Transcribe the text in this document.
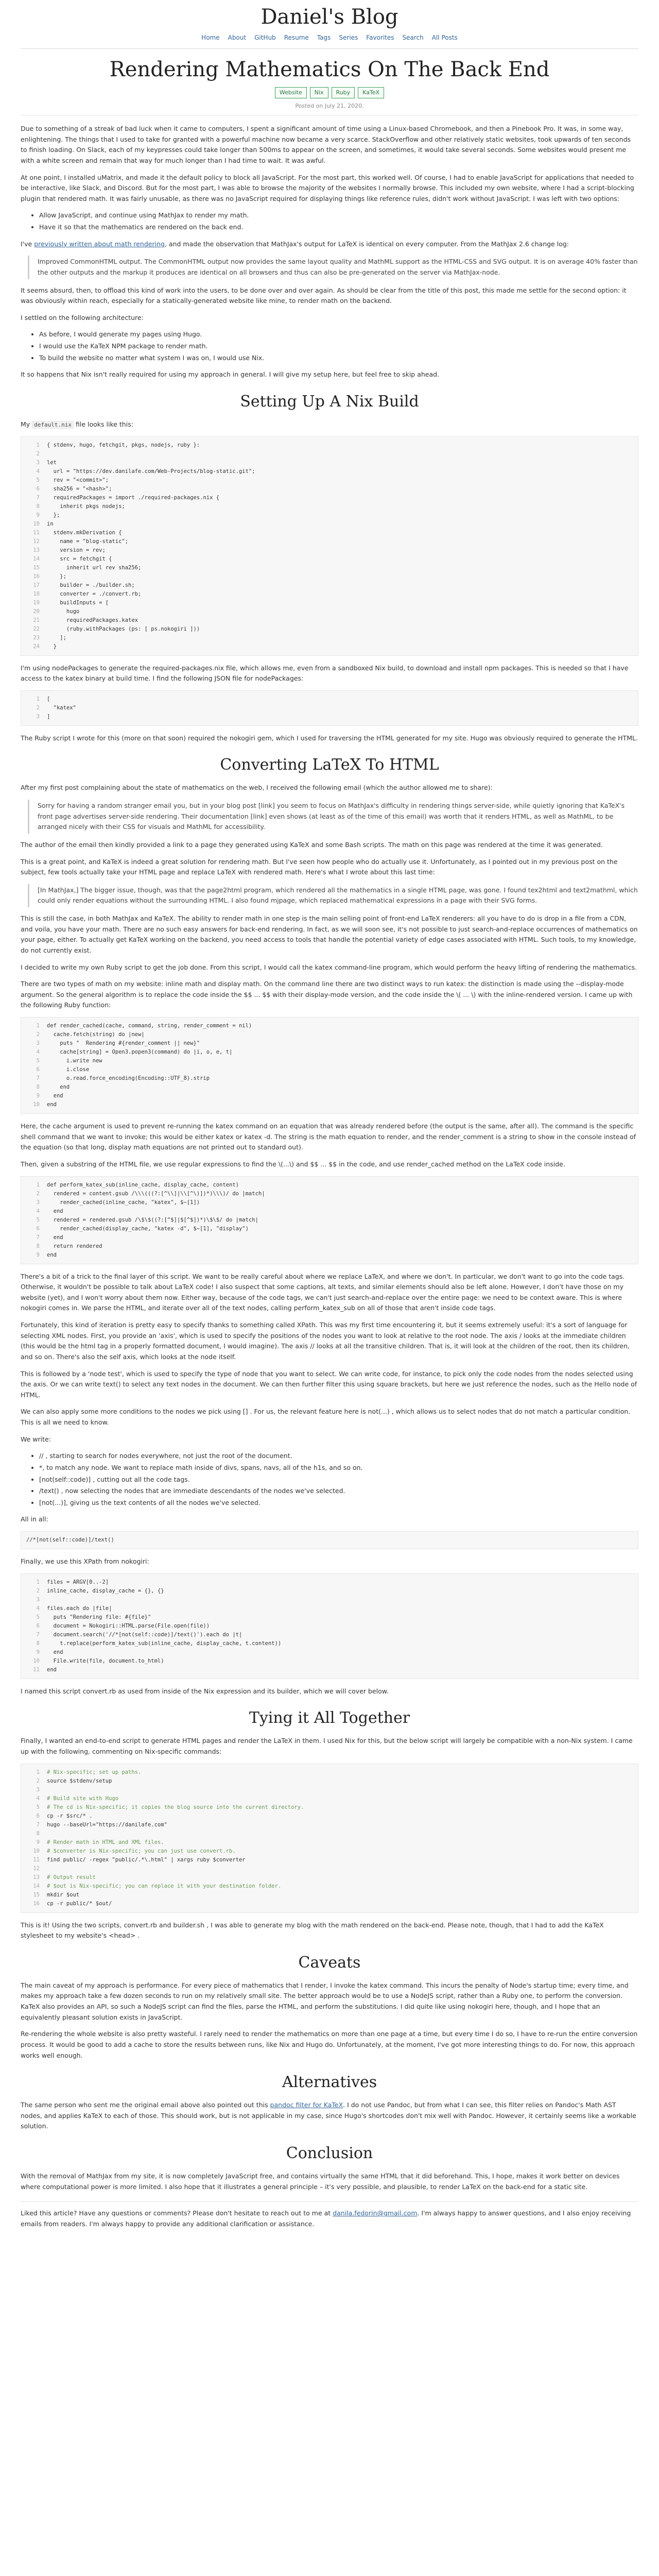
Daniel's Blog
Home About GitHub Resume Tags Series Favorites Search All Posts
Rendering Mathematics On The Back End
Website	Nix	Ruby	KaTeX
Posted on July 21, 2020.

Due to something of a streak of bad luck when it came to computers, I spent a significant amount of time using a Linux-based Chromebook, and then a Pinebook Pro. It was, in some way, enlightening. The things that I used to take for granted with a powerful machine now became a very scarce. StackOverflow and other relatively static websites, took upwards of ten seconds to finish loading. On Slack, each of my keypresses could take longer than 500ms to appear on the screen, and sometimes, it would take several seconds. Some websites would present me with a white screen and remain that way for much longer than I had time to wait. It was awful.

At one point, I installed uMatrix, and made it the default policy to block all JavaScript. For the most part, this worked well. Of course, I had to enable JavaScript for applications that needed to be interactive, like Slack, and Discord. But for the most part, I was able to browse the majority of the websites I normally browse. This included my own website, where I had a script-blocking plugin that rendered math. It was fairly unusable, as there was no JavaScript required for displaying things like reference rules, didn't work without JavaScript. I was left with two options:

• Allow JavaScript, and continue using MathJax to render my math.
• Have it so that the mathematics are rendered on the back end.

I've previously written about math rendering, and made the observation that MathJax's output for LaTeX is identical on every computer. From the MathJax 2.6 change log:

Improved CommonHTML output. The CommonHTML output now provides the same layout quality and MathML support as the HTML-CSS and SVG output. It is on average 40% faster than the other outputs and the markup it produces are identical on all browsers and thus can also be pre-generated on the server via MathJax-node.

It seems absurd, then, to offload this kind of work into the users, to be done over and over again. As should be clear from the title of this post, this made me settle for the second option: it was obviously within reach, especially for a statically-generated website like mine, to render math on the backend.

I settled on the following architecture:

• As before, I would generate my pages using Hugo.
• I would use the KaTeX NPM package to render math.
• To build the website no matter what system I was on, I would use Nix.

It so happens that Nix isn't really required for using my approach in general. I will give my setup here, but feel free to skip ahead.

Setting Up A Nix Build

My default.nix file looks like this:

1 { stdenv, hugo, fetchgit, pkgs, nodejs, ruby }:
2
3 let
4  url = "https://dev.danilafe.com/Web-Projects/blog-static.git";
5  rev = "<commit>";
6  sha256 = "<hash>";
7  requiredPackages = import ./required-packages.nix {
8    inherit pkgs nodejs;
9  };
10 in
11  stdenv.mkDerivation {
12    name = "blog-static";
13    version = rev;
14    src = fetchgit {
15      inherit url rev sha256;
16    };
17    builder = ./builder.sh;
18    converter = ./convert.rb;
19    buildInputs = [
20      hugo
21      requiredPackages.katex
22      (ruby.withPackages (ps: [ ps.nokogiri ]))
23    ];
24  }

I'm using nodePackages to generate the required-packages.nix file, which allows me, even from a sandboxed Nix build, to download and install npm packages. This is needed so that I have access to the katex binary at build time. I find the following JSON file for nodePackages:

1 [
2  "katex"
3 ]

The Ruby script I wrote for this (more on that soon) required the nokogiri gem, which I used for traversing the HTML generated for my site. Hugo was obviously required to generate the HTML.

Converting LaTeX To HTML

After my first post complaining about the state of mathematics on the web, I received the following email (which the author allowed me to share):

Sorry for having a random stranger email you, but in your blog post [link] you seem to focus on MathJax's difficulty in rendering things server-side, while quietly ignoring that KaTeX's front page advertises server-side rendering. Their documentation [link] even shows (at least as of the time of this email) was worth that it renders HTML, as well as MathML, to be arranged nicely with their CSS for visuals and MathML for accessibility.

The author of the email then kindly provided a link to a page they generated using KaTeX and some Bash scripts. The math on this page was rendered at the time it was generated.

This is a great point, and KaTeX is indeed a great solution for rendering math. But I've seen how people who do actually use it. Unfortunately, as I pointed out in my previous post on the subject, few tools actually take your HTML page and replace LaTeX with rendered math. Here's what I wrote about this last time:

[In MathJax,] The bigger issue, though, was that the page2html program, which rendered all the mathematics in a single HTML page, was gone. I found tex2html and text2mathml, which could only render equations without the surrounding HTML. I also found mjpage, which replaced mathematical expressions in a page with their SVG forms.

This is still the case, in both MathJax and KaTeX. The ability to render math in one step is the main selling point of front-end LaTeX renderers: all you have to do is drop in a file from a CDN, and voila, you have your math. There are no such easy answers for back-end rendering. In fact, as we will soon see, it's not possible to just search-and-replace occurrences of mathematics on your page, either. To actually get KaTeX working on the backend, you need access to tools that handle the potential variety of edge cases associated with HTML. Such tools, to my knowledge, do not currently exist.

I decided to write my own Ruby script to get the job done. From this script, I would call the katex command-line program, which would perform the heavy lifting of rendering the mathematics.

There are two types of math on my website: inline math and display math. On the command line there are two distinct ways to run katex: the distinction is made using the --display-mode argument. So the general algorithm is to replace the code inside the $$ ... $$ with their display-mode version, and the code inside the \( ... \) with the inline-rendered version. I came up with the following Ruby function:

1 def render_cached(cache, command, string, render_comment = nil)
2  cache.fetch(string) do |new|
3    puts "  Rendering #{render_comment || new}"
4    cache[string] = Open3.popen3(command) do |i, o, e, t|
5      i.write new
6      i.close
7      o.read.force_encoding(Encoding::UTF_8).strip
8    end
9  end
10 end

Here, the cache argument is used to prevent re-running the katex command on an equation that was already rendered before (the output is the same, after all). The command is the specific shell command that we want to invoke; this would be either katex or katex -d. The string is the math equation to render, and the render_comment is a string to show in the console instead of the equation (so that long, display math equations are not printed out to standard out).

Then, given a substring of the HTML file, we use regular expressions to find the \(...\) and $$ ... $$ in the code, and use render_cached method on the LaTeX code inside.

1 def perform_katex_sub(inline_cache, display_cache, content)
2  rendered = content.gsub /\\\(((?:[^\\]|\\[^\)])*)\\\)/ do |match|
3    render_cached(inline_cache, "katex", $~[1])
4  end
5  rendered = rendered.gsub /\$\$((?:[^$]|$[^$])*)\$\$/ do |match|
6    render_cached(display_cache, "katex -d", $~[1], "display")
7  end
8  return rendered
9 end

There's a bit of a trick to the final layer of this script. We want to be really careful about where we replace LaTeX, and where we don't. In particular, we don't want to go into the code tags. Otherwise, it wouldn't be possible to talk about LaTeX code! I also suspect that some captions, alt texts, and similar elements should also be left alone. However, I don't have those on my website (yet), and I won't worry about them now. Either way, because of the code tags, we can't just search-and-replace over the entire page: we need to be context aware. This is where nokogiri comes in. We parse the HTML, and iterate over all of the text nodes, calling perform_katex_sub on all of those that aren't inside code tags.

Fortunately, this kind of iteration is pretty easy to specify thanks to something called XPath. This was my first time encountering it, but it seems extremely useful: it's a sort of language for selecting XML nodes. First, you provide an 'axis', which is used to specify the positions of the nodes you want to look at relative to the root node. The axis / looks at the immediate children (this would be the html tag in a properly formatted document, I would imagine). The axis // looks at all the transitive children. That is, it will look at the children of the root, then its children, and so on. There's also the self axis, which looks at the node itself.

This is followed by a 'node test', which is used to specify the type of node that you want to select. We can write code, for instance, to pick only the code nodes from the nodes selected using the axis. Or we can write text() to select any text nodes in the document. We can then further filter this using square brackets, but here we just reference the nodes, such as the Hello node of HTML.

We can also apply some more conditions to the nodes we pick using [] . For us, the relevant feature here is not(...) , which allows us to select nodes that do not match a particular condition. This is all we need to know.

We write:

• // , starting to search for nodes everywhere, not just the root of the document.
• *, to match any node. We want to replace math inside of divs, spans, navs, all of the h1s, and so on.
• [not(self::code)] , cutting out all the code tags.
• /text() , now selecting the nodes that are immediate descendants of the nodes we've selected.
• [not(...)], giving us the text contents of all the nodes we've selected.

All in all:

//*[not(self::code)]/text()

Finally, we use this XPath from nokogiri:

1 files = ARGV[0..-2]
2 inline_cache, display_cache = {}, {}
3
4 files.each do |file|
5  puts "Rendering file: #{file}"
6  document = Nokogiri::HTML.parse(File.open(file))
7  document.search('//*[not(self::code)]/text()').each do |t|
8    t.replace(perform_katex_sub(inline_cache, display_cache, t.content))
9  end
10  File.write(file, document.to_html)
11 end

I named this script convert.rb as used from inside of the Nix expression and its builder, which we will cover below.

Tying it All Together

Finally, I wanted an end-to-end script to generate HTML pages and render the LaTeX in them. I used Nix for this, but the below script will largely be compatible with a non-Nix system. I came up with the following, commenting on Nix-specific commands:

1 # Nix-specific; set up paths.
2 source $stdenv/setup
3
4 # Build site with Hugo
5 # The cd is Nix-specific; it copies the blog source into the current directory.
6 cp -r $src/* .
7 hugo --baseUrl="https://danilafe.com"
8
9 # Render math in HTML and XML files.
10 # $converter is Nix-specific; you can just use convert.rb.
11 find public/ -regex "public/.*\.html" | xargs ruby $converter
12
13 # Output result
14 # $out is Nix-specific; you can replace it with your destination folder.
15 mkdir $out
16 cp -r public/* $out/

This is it! Using the two scripts, convert.rb and builder.sh , I was able to generate my blog with the math rendered on the back-end. Please note, though, that I had to add the KaTeX stylesheet to my website's <head> .

Caveats

The main caveat of my approach is performance. For every piece of mathematics that I render, I invoke the katex command. This incurs the penalty of Node's startup time; every time, and makes my approach take a few dozen seconds to run on my relatively small site. The better approach would be to use a NodeJS script, rather than a Ruby one, to perform the conversion. KaTeX also provides an API, so such a NodeJS script can find the files, parse the HTML, and perform the substitutions. I did quite like using nokogiri here, though, and I hope that an equivalently pleasant solution exists in JavaScript.

Re-rendering the whole website is also pretty wasteful. I rarely need to render the mathematics on more than one page at a time, but every time I do so, I have to re-run the entire conversion process. It would be good to add a cache to store the results between runs, like Nix and Hugo do. Unfortunately, at the moment, I've got more interesting things to do. For now, this approach works well enough.

Alternatives

The same person who sent me the original email above also pointed out this pandoc filter for KaTeX. I do not use Pandoc, but from what I can see, this filter relies on Pandoc's Math AST nodes, and applies KaTeX to each of those. This should work, but is not applicable in my case, since Hugo's shortcodes don't mix well with Pandoc. However, it certainly seems like a workable solution.

Conclusion

With the removal of MathJax from my site, it is now completely JavaScript free, and contains virtually the same HTML that it did beforehand. This, I hope, makes it work better on devices where computational power is more limited. I also hope that it illustrates a general principle – it's very possible, and plausible, to render LaTeX on the back-end for a static site.

Liked this article? Have any questions or comments? Please don't hesitate to reach out to me at danila.fedorin@gmail.com. I'm always happy to answer questions, and I also enjoy receiving emails from readers. I'm always happy to provide any additional clarification or assistance.
